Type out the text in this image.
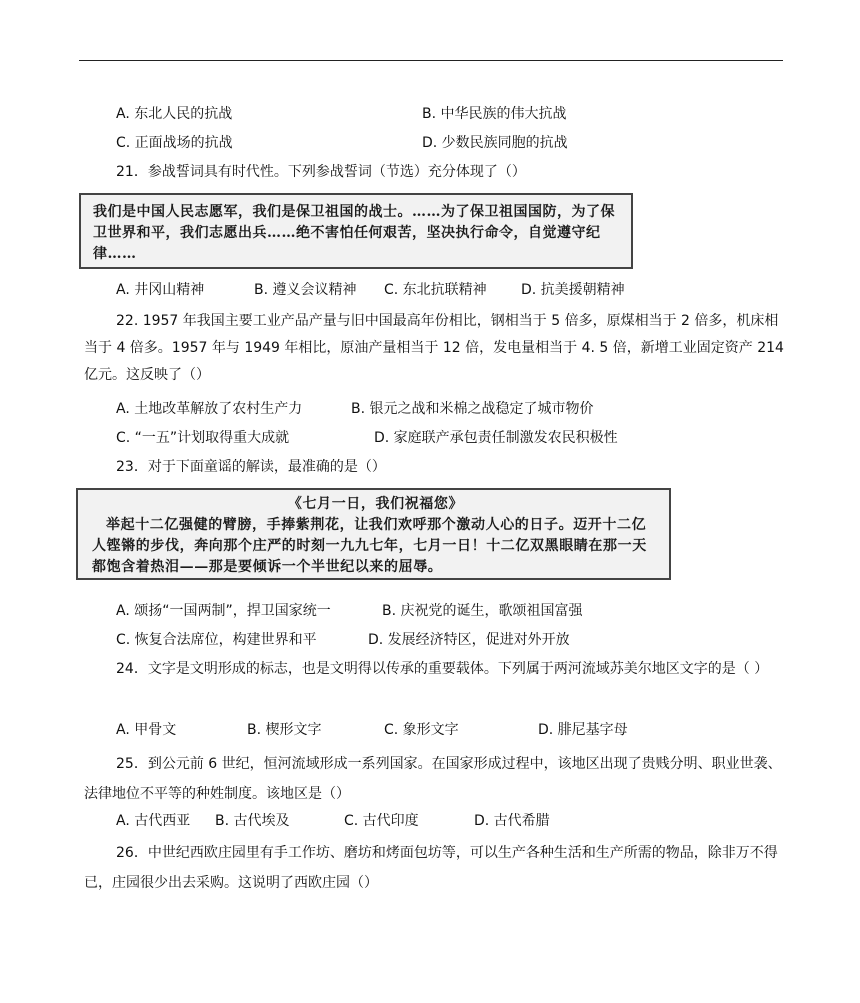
A. 东北人民的抗战	B. 中华民族的伟大抗战
C. 正面战场的抗战	D. 少数民族同胞的抗战
21．参战誓词具有时代性。下列参战誓词（节选）充分体现了（）
我们是中国人民志愿军，我们是保卫祖国的战士。……为了保卫祖国国防，为了保卫世界和平，我们志愿出兵……绝不害怕任何艰苦，坚决执行命令，自觉遵守纪律……
A. 井冈山精神	B. 遵义会议精神 C. 东北抗联精神 D. 抗美援朝精神
22. 1957 年我国主要工业产品产量与旧中国最高年份相比，钢相当于 5 倍多，原煤相当于 2 倍多，机床相当于 4 倍多。1957 年与 1949 年相比，原油产量相当于 12 倍，发电量相当于 4. 5 倍，新增工业固定资产 214 亿元。这反映了（）
A. 土地改革解放了农村生产力	B. 银元之战和米棉之战稳定了城市物价
C. “一五”计划取得重大成就	D. 家庭联产承包责任制激发农民积极性
23．对于下面童谣的解读，最准确的是（）
《七月一日，我们祝福您》
举起十二亿强健的臂膀，手捧紫荆花，让我们欢呼那个激动人心的日子。迈开十二亿人铿锵的步伐，奔向那个庄严的时刻一九九七年，七月一日！十二亿双黑眼睛在那一天都饱含着热泪——那是要倾诉一个半世纪以来的屈辱。
A. 颂扬“一国两制”，捍卫国家统一	B. 庆祝党的诞生，歌颂祖国富强
C. 恢复合法席位，构建世界和平	D. 发展经济特区，促进对外开放
24．文字是文明形成的标志，也是文明得以传承的重要载体。下列属于两河流域苏美尔地区文字的是（ ）
A. 甲骨文	B. 楔形文字	C. 象形文字	D. 腓尼基字母
25．到公元前 6 世纪，恒河流域形成一系列国家。在国家形成过程中，该地区出现了贵贱分明、职业世袭、法律地位不平等的种姓制度。该地区是（）
A. 古代西亚 B. 古代埃及	C. 古代印度	D. 古代希腊
26．中世纪西欧庄园里有手工作坊、磨坊和烤面包坊等，可以生产各种生活和生产所需的物品，除非万不得已，庄园很少出去采购。这说明了西欧庄园（）
